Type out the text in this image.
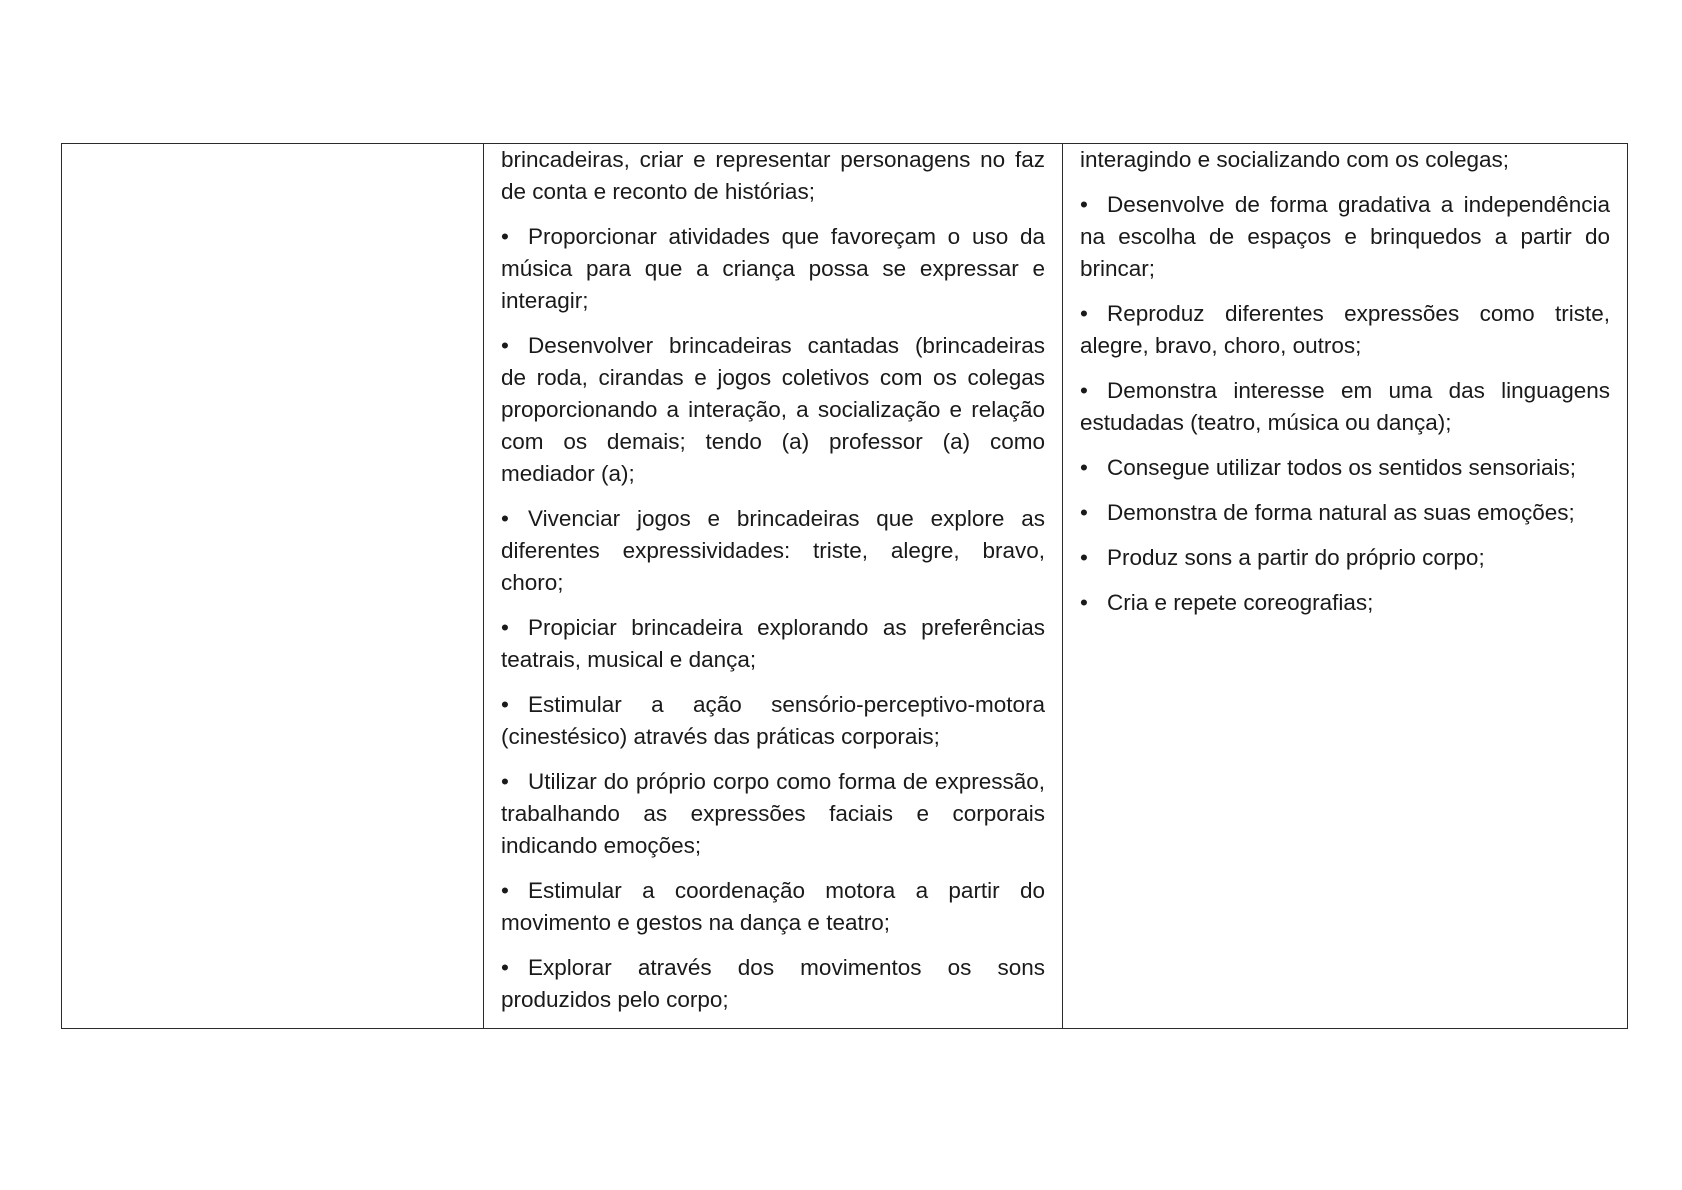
brincadeiras, criar e representar personagens no faz de conta e reconto de histórias;

• Proporcionar atividades que favoreçam o uso da música para que a criança possa se expressar e interagir;

• Desenvolver brincadeiras cantadas (brincadeiras de roda, cirandas e jogos coletivos com os colegas proporcionando a interação, a socialização e relação com os demais; tendo (a) professor (a) como mediador (a);

• Vivenciar jogos e brincadeiras que explore as diferentes expressividades: triste, alegre, bravo, choro;

• Propiciar brincadeira explorando as preferências teatrais, musical e dança;

• Estimular a ação sensório-perceptivo-motora (cinestésico) através das práticas corporais;

• Utilizar do próprio corpo como forma de expressão, trabalhando as expressões faciais e corporais indicando emoções;

• Estimular a coordenação motora a partir do movimento e gestos na dança e teatro;

• Explorar através dos movimentos os sons produzidos pelo corpo;

interagindo e socializando com os colegas;

• Desenvolve de forma gradativa a independência na escolha de espaços e brinquedos a partir do brincar;

• Reproduz diferentes expressões como triste, alegre, bravo, choro, outros;

• Demonstra interesse em uma das linguagens estudadas (teatro, música ou dança);

• Consegue utilizar todos os sentidos sensoriais;

• Demonstra de forma natural as suas emoções;

• Produz sons a partir do próprio corpo;

• Cria e repete coreografias;
